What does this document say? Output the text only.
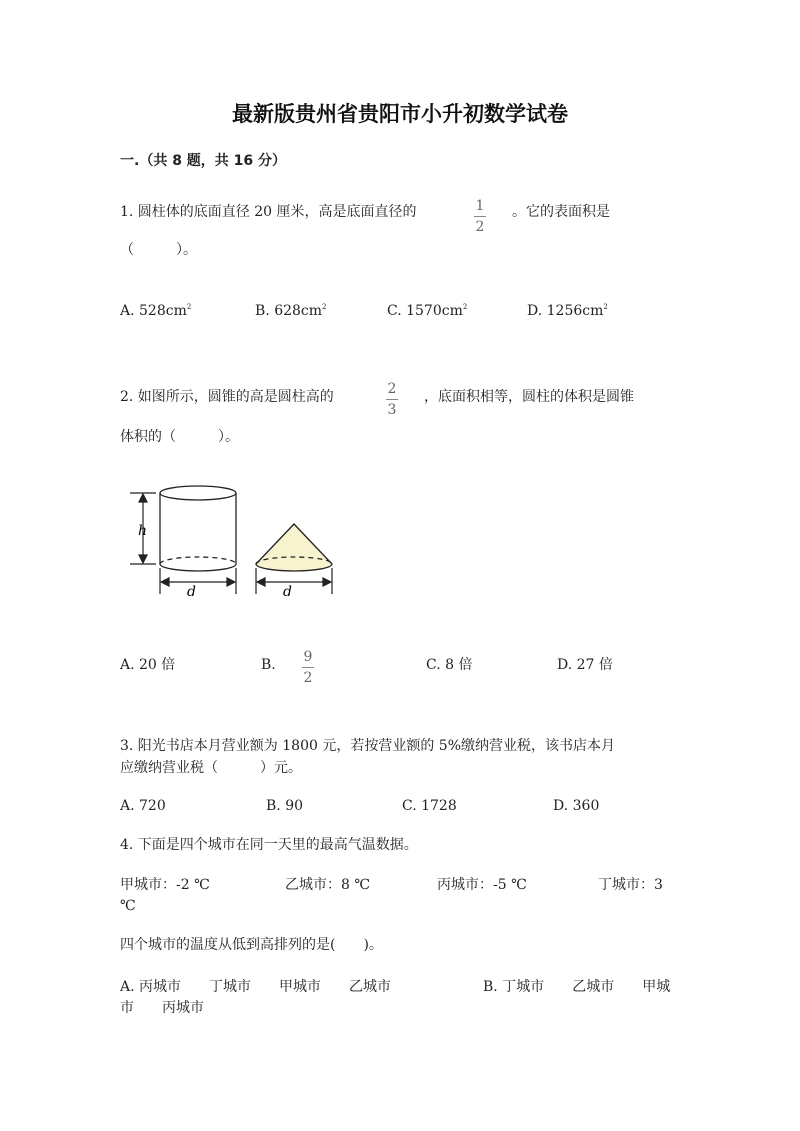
最新版贵州省贵阳市小升初数学试卷
一.（共 8 题，共 16 分）
1. 圆柱体的底面直径 20 厘米，高是底面直径的	1
2
。它的表面积是
（　　　）。
A. $528cm^2$	B. $628cm^2$	C. $1570cm^2$	D. $1256cm^2$
2. 如图所示，圆锥的高是圆柱高的	2
3
，底面积相等，圆柱的体积是圆锥
体积的（　　　）。
h
d	d
A. 20 倍	B. 9
2
C. 8 倍	D. 27 倍
3. 阳光书店本月营业额为 1800 元，若按营业额的 5%缴纳营业税，该书店本月
应缴纳营业税（　　　）元。
A. 720	B. 90	C. 1728	D. 360
4. 下面是四个城市在同一天里的最高气温数据。
甲城市：-2 ℃	乙城市：8 ℃	丙城市：-5 ℃	丁城市：3
℃
四个城市的温度从低到高排列的是(　　)。
A. 丙城市　　丁城市　　甲城市　　乙城市	B. 丁城市　　乙城市　　甲城
市　　丙城市
